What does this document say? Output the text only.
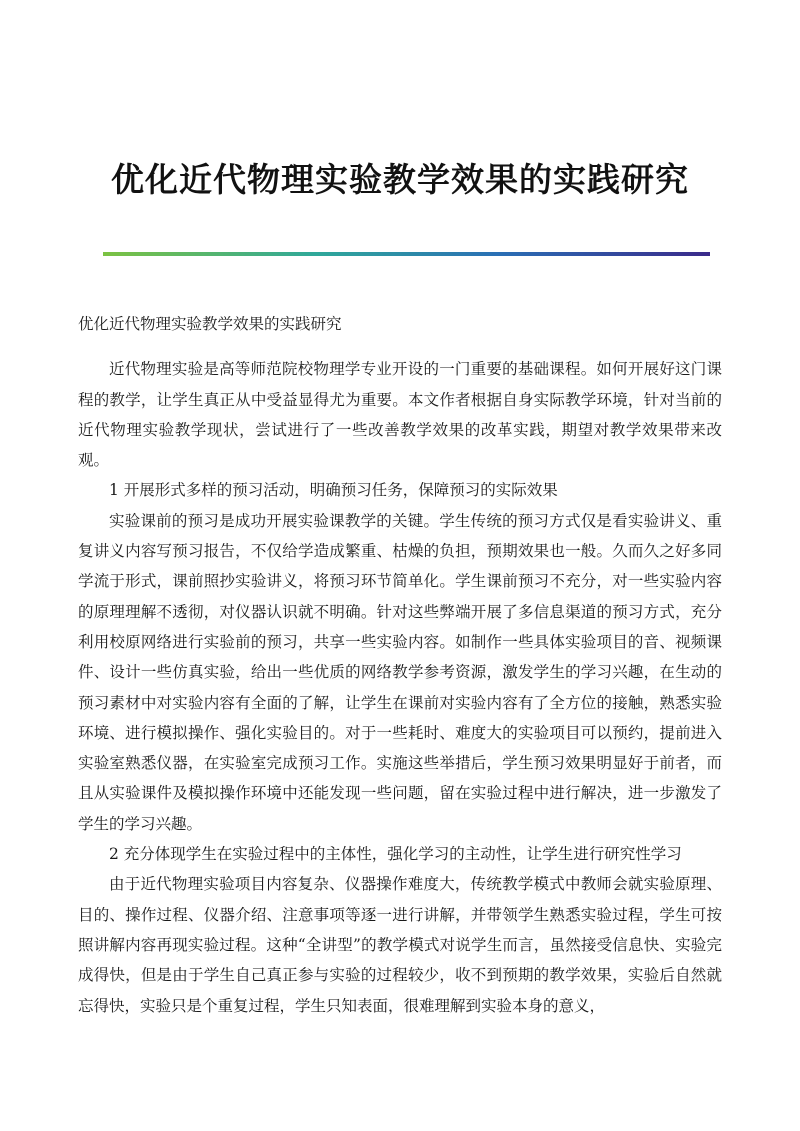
优化近代物理实验教学效果的实践研究

优化近代物理实验教学效果的实践研究

近代物理实验是高等师范院校物理学专业开设的一门重要的基础课程。如何开展好这门课程的教学，让学生真正从中受益显得尤为重要。本文作者根据自身实际教学环境，针对当前的近代物理实验教学现状，尝试进行了一些改善教学效果的改革实践，期望对教学效果带来改观。

1 开展形式多样的预习活动，明确预习任务，保障预习的实际效果

实验课前的预习是成功开展实验课教学的关键。学生传统的预习方式仅是看实验讲义、重复讲义内容写预习报告，不仅给学造成繁重、枯燥的负担，预期效果也一般。久而久之好多同学流于形式，课前照抄实验讲义，将预习环节简单化。学生课前预习不充分，对一些实验内容的原理理解不透彻，对仪器认识就不明确。针对这些弊端开展了多信息渠道的预习方式，充分利用校原网络进行实验前的预习，共享一些实验内容。如制作一些具体实验项目的音、视频课件、设计一些仿真实验，给出一些优质的网络教学参考资源，激发学生的学习兴趣，在生动的预习素材中对实验内容有全面的了解，让学生在课前对实验内容有了全方位的接触，熟悉实验环境、进行模拟操作、强化实验目的。对于一些耗时、难度大的实验项目可以预约，提前进入实验室熟悉仪器，在实验室完成预习工作。实施这些举措后，学生预习效果明显好于前者，而且从实验课件及模拟操作环境中还能发现一些问题，留在实验过程中进行解决，进一步激发了学生的学习兴趣。

2 充分体现学生在实验过程中的主体性，强化学习的主动性，让学生进行研究性学习

由于近代物理实验项目内容复杂、仪器操作难度大，传统教学模式中教师会就实验原理、目的、操作过程、仪器介绍、注意事项等逐一进行讲解，并带领学生熟悉实验过程，学生可按照讲解内容再现实验过程。这种“全讲型”的教学模式对说学生而言，虽然接受信息快、实验完成得快，但是由于学生自己真正参与实验的过程较少，收不到预期的教学效果，实验后自然就忘得快，实验只是个重复过程，学生只知表面，很难理解到实验本身的意义，
